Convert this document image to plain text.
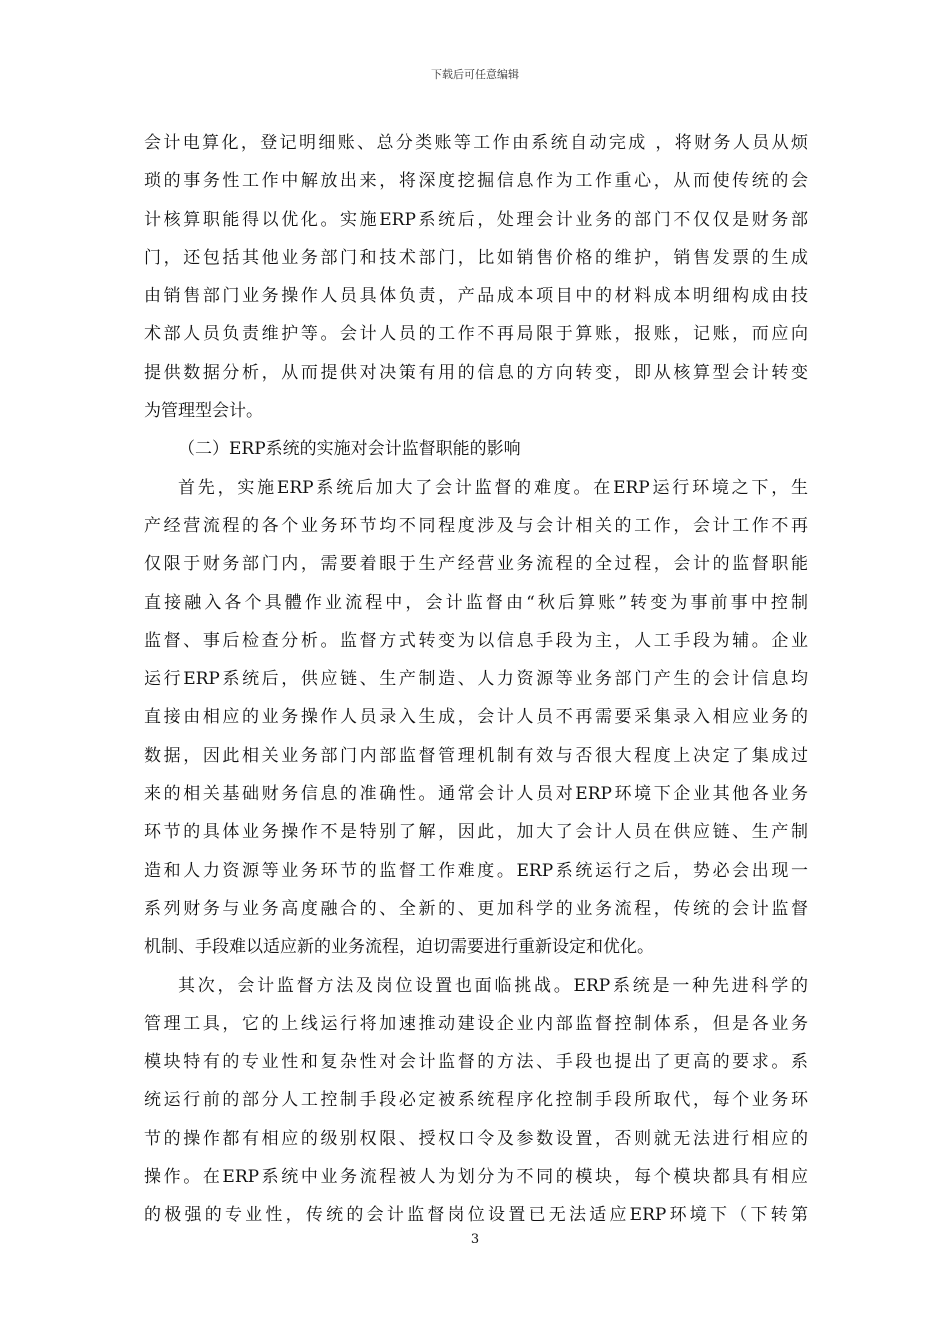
下载后可任意编辑
会计电算化，登记明细账、总分类账等工作由系统自动完成 ，将财务人员从烦
琐的事务性工作中解放出来，将深度挖掘信息作为工作重心，从而使传统的会
计核算职能得以优化。实施ERP系统后，处理会计业务的部门不仅仅是财务部
门，还包括其他业务部门和技术部门，比如销售价格的维护，销售发票的生成
由销售部门业务操作人员具体负责，产品成本项目中的材料成本明细构成由技
术部人员负责维护等。会计人员的工作不再局限于算账，报账，记账，而应向
提供数据分析，从而提供对决策有用的信息的方向转变，即从核算型会计转变
为管理型会计。
（二）ERP系统的实施对会计监督职能的影响
首先，实施ERP系统后加大了会计监督的难度。在ERP运行环境之下，生
产经营流程的各个业务环节均不同程度涉及与会计相关的工作，会计工作不再
仅限于财务部门内，需要着眼于生产经营业务流程的全过程，会计的监督职能
直接融入各个具體作业流程中，会计监督由“秋后算账”转变为事前事中控制
监督、事后检查分析。监督方式转变为以信息手段为主，人工手段为辅。企业
运行ERP系统后，供应链、生产制造、人力资源等业务部门产生的会计信息均
直接由相应的业务操作人员录入生成，会计人员不再需要采集录入相应业务的
数据，因此相关业务部门内部监督管理机制有效与否很大程度上决定了集成过
来的相关基础财务信息的准确性。通常会计人员对ERP环境下企业其他各业务
环节的具体业务操作不是特别了解，因此，加大了会计人员在供应链、生产制
造和人力资源等业务环节的监督工作难度。ERP系统运行之后，势必会出现一
系列财务与业务高度融合的、全新的、更加科学的业务流程，传统的会计监督
机制、手段难以适应新的业务流程，迫切需要进行重新设定和优化。
其次，会计监督方法及岗位设置也面临挑战。ERP系统是一种先进科学的
管理工具，它的上线运行将加速推动建设企业内部监督控制体系，但是各业务
模块特有的专业性和复杂性对会计监督的方法、手段也提出了更高的要求。系
统运行前的部分人工控制手段必定被系统程序化控制手段所取代，每个业务环
节的操作都有相应的级别权限、授权口令及参数设置，否则就无法进行相应的
操作。在ERP系统中业务流程被人为划分为不同的模块，每个模块都具有相应
的极强的专业性，传统的会计监督岗位设置已无法适应ERP环境下（下转第
3
